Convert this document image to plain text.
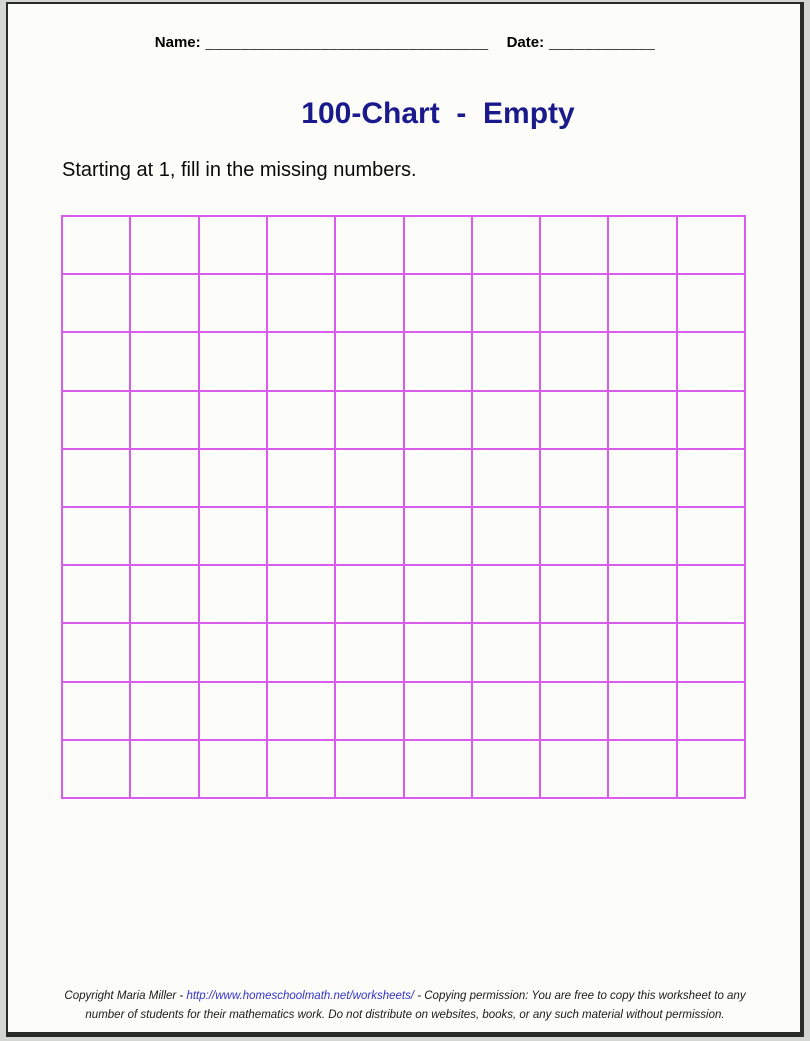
Name: ________________________________ Date: ____________
100-Chart  -  Empty

Starting at 1, fill in the missing numbers.

Copyright Maria Miller - http://www.homeschoolmath.net/worksheets/ - Copying permission: You are free to copy this worksheet to any
number of students for their mathematics work. Do not distribute on websites, books, or any such material without permission.
